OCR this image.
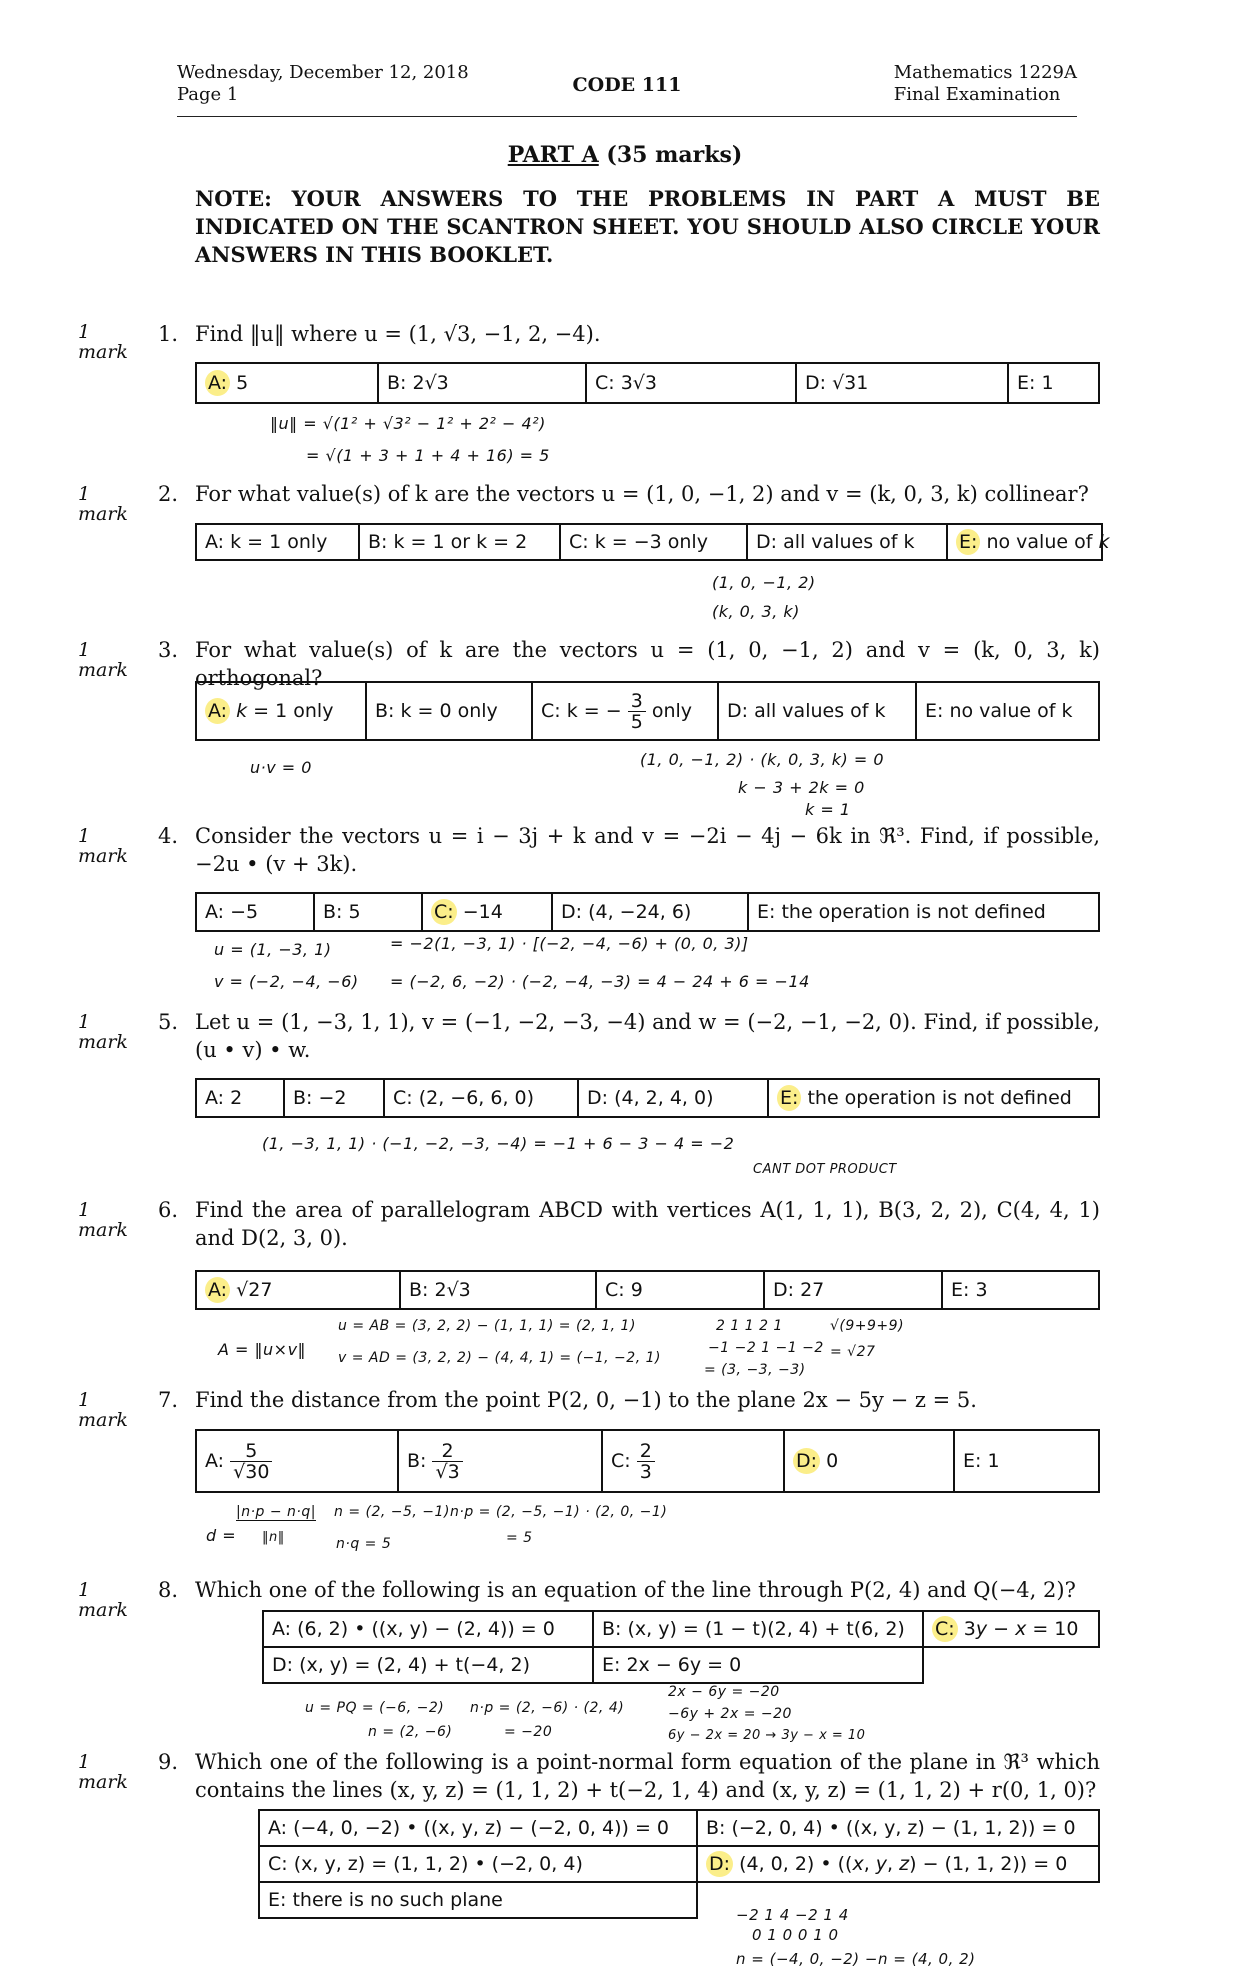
Wednesday, December 12, 2018
Page 1	CODE 111
Mathematics 1229A
Final Examination
PART A (35 marks)
NOTE: YOUR ANSWERS TO THE PROBLEMS IN PART A MUST BE INDICATED ON THE SCANTRON SHEET. YOU SHOULD ALSO CIRCLE YOUR ANSWERS IN THIS BOOKLET.
1
mark
1. Find ‖u‖ where u = (1, √3, −1, 2, −4).
A: 5	B: 2√3	C: 3√3	D: √31	E: 1
‖u‖ = √(1² + √3² − 1² + 2² − 4²)
= √(1 + 3 + 1 + 4 + 16) = 5
1
mark
2. For what value(s) of k are the vectors u = (1, 0, −1, 2) and v = (k, 0, 3, k) collinear?
A: k = 1 only	B: k = 1 or k = 2	C: k = −3 only	D: all values of k	E: no value of k
(1, 0, −1, 2)
(k, 0, 3, k)
1
mark
3. For what value(s) of k are the vectors u = (1, 0, −1, 2) and v = (k, 0, 3, k) orthogonal?
A: k = 1 only	B: k = 0 only	C: k = − $\frac{3}{5}$ only	D: all values of k	E: no value of k
u·v = 0	(1, 0, −1, 2) · (k, 0, 3, k) = 0
k − 3 + 2k = 0
k = 1
1
mark
4. Consider the vectors u = i − 3j + k and v = −2i − 4j − 6k in ℜ³. Find, if possible, −2u • (v + 3k).
A: −5	B: 5	C: −14	D: (4, −24, 6)	E: the operation is not defined
u = (1, −3, 1)	= −2(1, −3, 1) · [(−2, −4, −6) + (0, 0, 3)]
v = (−2, −4, −6) = (−2, 6, −2) · (−2, −4, −3) = 4 − 24 + 6 = −14
1
mark
5. Let u = (1, −3, 1, 1), v = (−1, −2, −3, −4) and w = (−2, −1, −2, 0). Find, if possible, (u • v) • w.
A: 2	B: −2	C: (2, −6, 6, 0)	D: (4, 2, 4, 0)	E: the operation is not defined
(1, −3, 1, 1) · (−1, −2, −3, −4) = −1 + 6 − 3 − 4 = −2
CANT DOT PRODUCT
1
mark
6. Find the area of parallelogram ABCD with vertices A(1, 1, 1), B(3, 2, 2), C(4, 4, 1) and D(2, 3, 0).
A: √27	B: 2√3	C: 9	D: 27	E: 3
u = AB = (3, 2, 2) − (1, 1, 1) = (2, 1, 1)
A = ‖u×v‖ v = AD = (3, 2, 2) − (4, 4, 1) = (−1, −2, 1)
2 1 1 2 1
−1 −2 1 −1 −2
= (3, −3, −3)
√(9+9+9)
= √27
1
mark
7. Find the distance from the point P(2, 0, −1) to the plane 2x − 5y − z = 5.
A: $\frac{5}{√30}$	B: $\frac{2}{√3}$	C: $\frac{2}{3}$	D: 0	E: 1
d =
|n·p − n·q|
‖n‖
n = (2, −5, −1)
n·q = 5
n·p = (2, −5, −1) · (2, 0, −1)
= 5
1
mark
8. Which one of the following is an equation of the line through P(2, 4) and Q(−4, 2)?
A: (6, 2) • ((x, y) − (2, 4)) = 0	B: (x, y) = (1 − t)(2, 4) + t(6, 2)	C: 3y − x = 10
D: (x, y) = (2, 4) + t(−4, 2)	E: 2x − 6y = 0	
u = PQ = (−6, −2)
n = (2, −6)
n·p = (2, −6) · (2, 4)
= −20
2x − 6y = −20
−6y + 2x = −20
6y − 2x = 20 → 3y − x = 10
1
mark
9. Which one of the following is a point-normal form equation of the plane in ℜ³ which contains the lines (x, y, z) = (1, 1, 2) + t(−2, 1, 4) and (x, y, z) = (1, 1, 2) + r(0, 1, 0)?
A: (−4, 0, −2) • ((x, y, z) − (−2, 0, 4)) = 0	B: (−2, 0, 4) • ((x, y, z) − (1, 1, 2)) = 0
C: (x, y, z) = (1, 1, 2) • (−2, 0, 4)	D: (4, 0, 2) • ((x, y, z) − (1, 1, 2)) = 0
E: there is no such plane	
−2 1 4 −2 1 4
0 1 0 0 1 0
n = (−4, 0, −2) −n = (4, 0, 2)
